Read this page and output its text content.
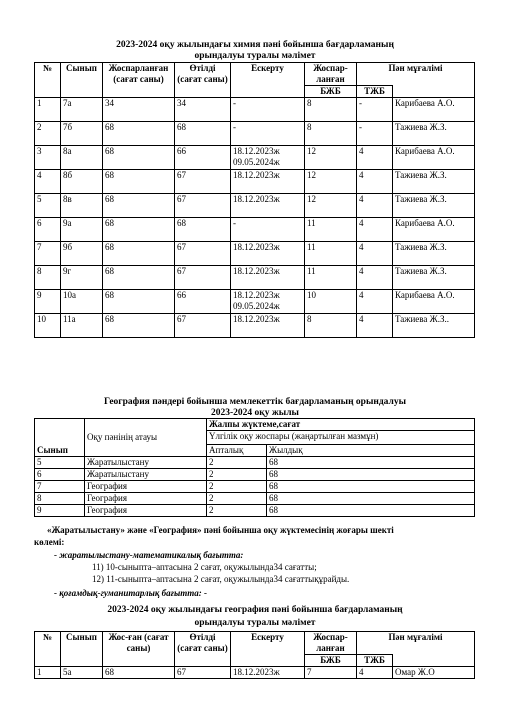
2023-2024 оқу жылындағы химия пәні бойынша бағдарламаның
орындалуы туралы мәлімет
№	Сынып	Жоспарланған (сағат саны)	Өтілді (сағат саны)	Ескерту	Жоспар-ланған	Пән мұғалімі	
					БЖБ	ТЖБ	
1	7а	34	34	-	8	-	Карибаева А.О.
2	7б	68	68	-	8	-	Тажиева Ж.З.
3	8а	68	66	18.12.2023ж 09.05.2024ж	12	4	Карибаева А.О.
4	8б	68	67	18.12.2023ж	12	4	Тажиева Ж.З.
5	8в	68	67	18.12.2023ж	12	4	Тажиева Ж.З.
6	9а	68	68	-	11	4	Карибаева А.О.
7	9б	68	67	18.12.2023ж	11	4	Тажиева Ж.З.
8	9г	68	67	18.12.2023ж	11	4	Тажиева Ж.З.
9	10а	68	66	18.12.2023ж 09.05.2024ж	10	4	Карибаева А.О.
10	11а	68	67	18.12.2023ж	8	4	Тажиева Ж.З..
География пәндері бойынша мемлекеттік бағдарламаның орындалуы
2023-2024 оқу жылы
Сынып	Оқу пәнінің атауы	Жалпы жүктеме,сағат	
		Үлгілік оқу жоспары (жаңартылған мазмұн)	
		Апталық	Жылдық
5	Жаратылыстану	2	68
6	Жаратылыстану	2	68
7	География	2	68
8	География	2	68
9	География	2	68
«Жаратылыстану» және «География» пәні бойынша оқу жүктемесінің жоғары шекті
көлемі:
- жаратылыстану-математикалық бағытта:
11) 10-сыныпта–аптасына 2 сағат, оқужылында34 сағатты;
12) 11-сыныпта–аптасына 2 сағат, оқужылында34 сағаттықұрайды.
- қоғамдық-гуманитарлық бағытта: -
2023-2024 оқу жылындағы география пәні бойынша бағдарламаның
орындалуы туралы мәлімет
№	Сынып	Жос-ған (сағат саны)	Өтілді (сағат саны)	Ескерту	Жоспар-ланған	Пән мұғалімі	
					БЖБ	ТЖБ	
1	5а	68	67	18.12.2023ж	7	4	Омар Ж.О
